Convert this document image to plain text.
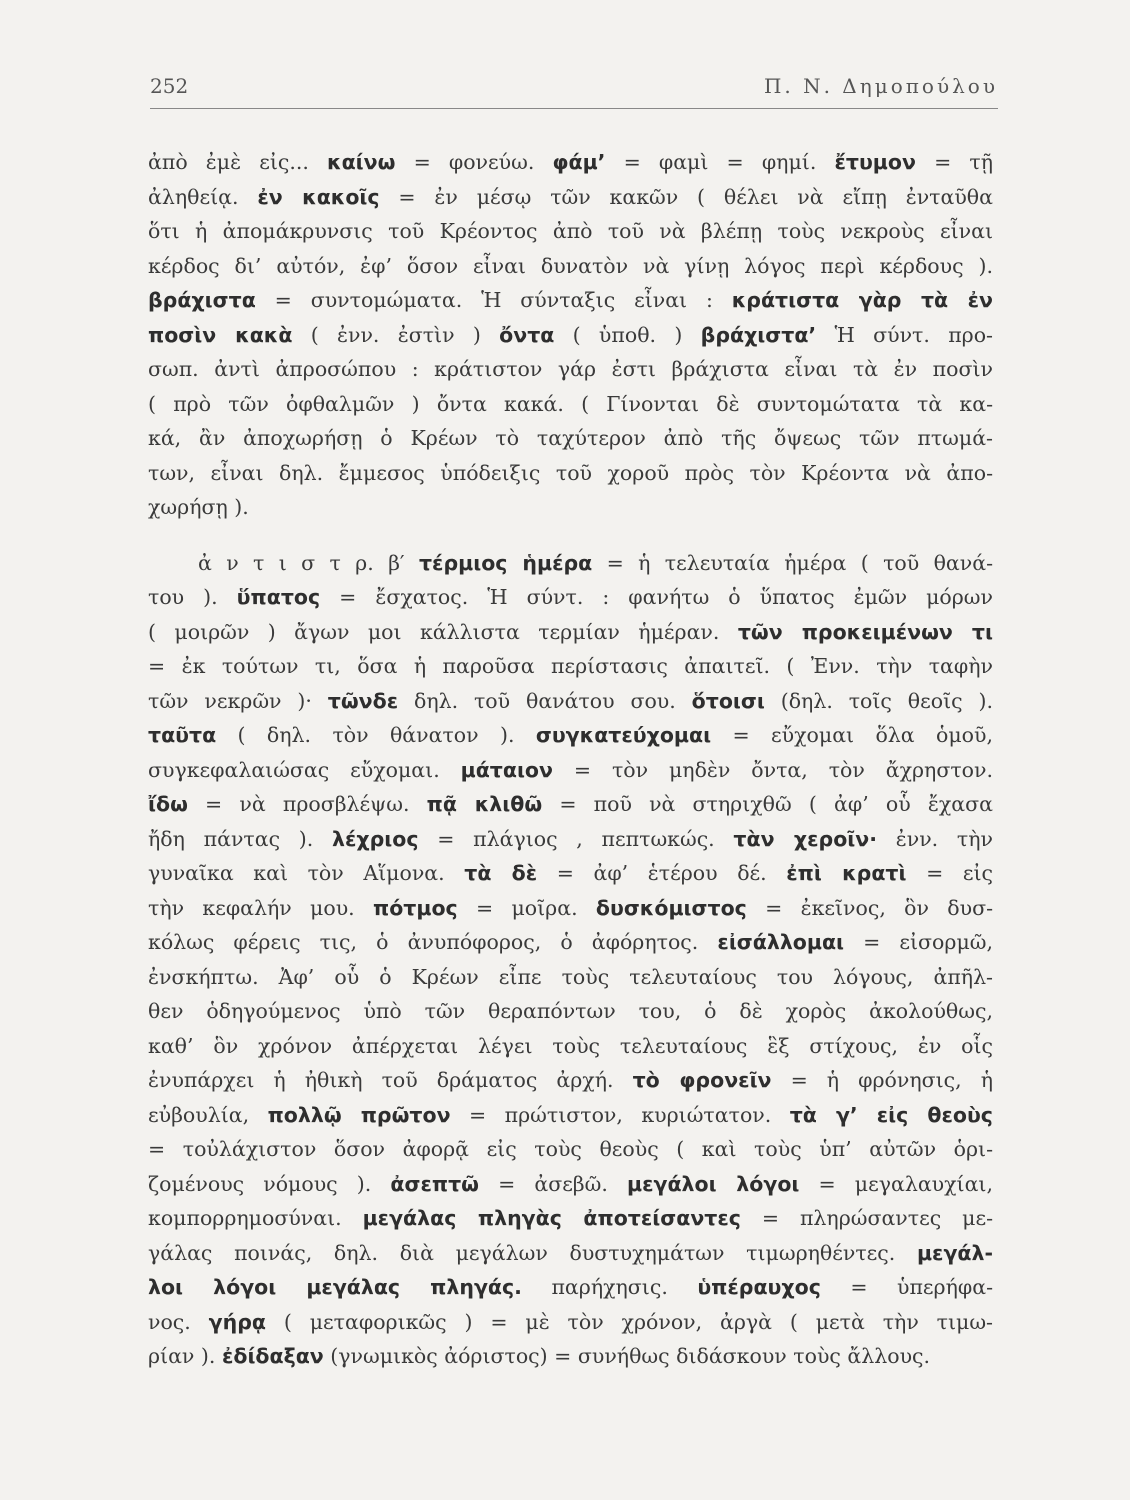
252	Π. Ν. Δημοπούλου
ἀπὸ ἐμὲ εἰς... καίνω = φονεύω. φάμ’ = φαμὶ = φημί. ἔτυμον = τῇ
ἀληθείᾳ. ἐν κακοῖς = ἐν μέσῳ τῶν κακῶν ( θέλει νὰ εἴπῃ ἐνταῦθα
ὅτι ἡ ἀπομάκρυνσις τοῦ Κρέοντος ἀπὸ τοῦ νὰ βλέπῃ τοὺς νεκροὺς εἶναι
κέρδος δι’ αὐτόν, ἐφ’ ὅσον εἶναι δυνατὸν νὰ γίνῃ λόγος περὶ κέρδους ).
βράχιστα = συντομώματα. Ἡ σύνταξις εἶναι : κράτιστα γὰρ τὰ ἐν
ποσὶν κακὰ ( ἐνν. ἐστὶν ) ὄντα ( ὑποθ. ) βράχιστα’ Ἡ σύντ. προ-
σωπ. ἀντὶ ἀπροσώπου : κράτιστον γάρ ἐστι βράχιστα εἶναι τὰ ἐν ποσὶν
( πρὸ τῶν ὀφθαλμῶν ) ὄντα κακά. ( Γίνονται δὲ συντομώτατα τὰ κα-
κά, ἂν ἀποχωρήσῃ ὁ Κρέων τὸ ταχύτερον ἀπὸ τῆς ὄψεως τῶν πτωμά-
των, εἶναι δηλ. ἔμμεσος ὑπόδειξις τοῦ χοροῦ πρὸς τὸν Κρέοντα νὰ ἀπο-
χωρήσῃ ).
ἀ ν τ ι σ τ ρ. β′ τέρμιος ἡμέρα = ἡ τελευταία ἡμέρα ( τοῦ θανά-
του ). ὕπατος = ἔσχατος. Ἡ σύντ. : φανήτω ὁ ὕπατος ἐμῶν μόρων
( μοιρῶν ) ἄγων μοι κάλλιστα τερμίαν ἡμέραν. τῶν προκειμένων τι
= ἐκ τούτων τι, ὅσα ἡ παροῦσα περίστασις ἀπαιτεῖ. ( Ἐνν. τὴν ταφὴν
τῶν νεκρῶν )· τῶνδε δηλ. τοῦ θανάτου σου. ὅτοισι (δηλ. τοῖς θεοῖς ).
ταῦτα ( δηλ. τὸν θάνατον ). συγκατεύχομαι = εὔχομαι ὅλα ὁμοῦ,
συγκεφαλαιώσας εὔχομαι. μάταιον = τὸν μηδὲν ὄντα, τὸν ἄχρηστον.
ἴδω = νὰ προσβλέψω. πᾷ κλιθῶ = ποῦ νὰ στηριχθῶ ( ἀφ’ οὗ ἔχασα
ἤδη πάντας ). λέχριος = πλάγιος , πεπτωκώς. τὰν χεροῖν· ἐνν. τὴν
γυναῖκα καὶ τὸν Αἵμονα. τὰ δὲ = ἀφ’ ἑτέρου δέ. ἐπὶ κρατὶ = εἰς
τὴν κεφαλήν μου. πότμος = μοῖρα. δυσκόμιστος = ἐκεῖνος, ὃν δυσ-
κόλως φέρεις τις, ὁ ἀνυπόφορος, ὁ ἀφόρητος. εἰσάλλομαι = εἰσορμῶ,
ἐνσκήπτω. Ἀφ’ οὗ ὁ Κρέων εἶπε τοὺς τελευταίους του λόγους, ἀπῆλ-
θεν ὁδηγούμενος ὑπὸ τῶν θεραπόντων του, ὁ δὲ χορὸς ἀκολούθως,
καθ’ ὃν χρόνον ἀπέρχεται λέγει τοὺς τελευταίους ἓξ στίχους, ἐν οἷς
ἐνυπάρχει ἡ ἠθικὴ τοῦ δράματος ἀρχή. τὸ φρονεῖν = ἡ φρόνησις, ἡ
εὐβουλία, πολλῷ πρῶτον = πρώτιστον, κυριώτατον. τὰ γ’ εἰς θεοὺς
= τοὐλάχιστον ὅσον ἀφορᾷ εἰς τοὺς θεοὺς ( καὶ τοὺς ὑπ’ αὐτῶν ὁρι-
ζομένους νόμους ). ἀσεπτῶ = ἀσεβῶ. μεγάλοι λόγοι = μεγαλαυχίαι,
κομπορρημοσύναι. μεγάλας πληγὰς ἀποτείσαντες = πληρώσαντες με-
γάλας ποινάς, δηλ. διὰ μεγάλων δυστυχημάτων τιμωρηθέντες. μεγάλ-
λοι λόγοι μεγάλας πληγάς. παρήχησις. ὑπέραυχος = ὑπερήφα-
νος. γήρᾳ ( μεταφορικῶς ) = μὲ τὸν χρόνον, ἀργὰ ( μετὰ τὴν τιμω-
ρίαν ). ἐδίδαξαν (γνωμικὸς ἀόριστος) = συνήθως διδάσκουν τοὺς ἄλλους.
